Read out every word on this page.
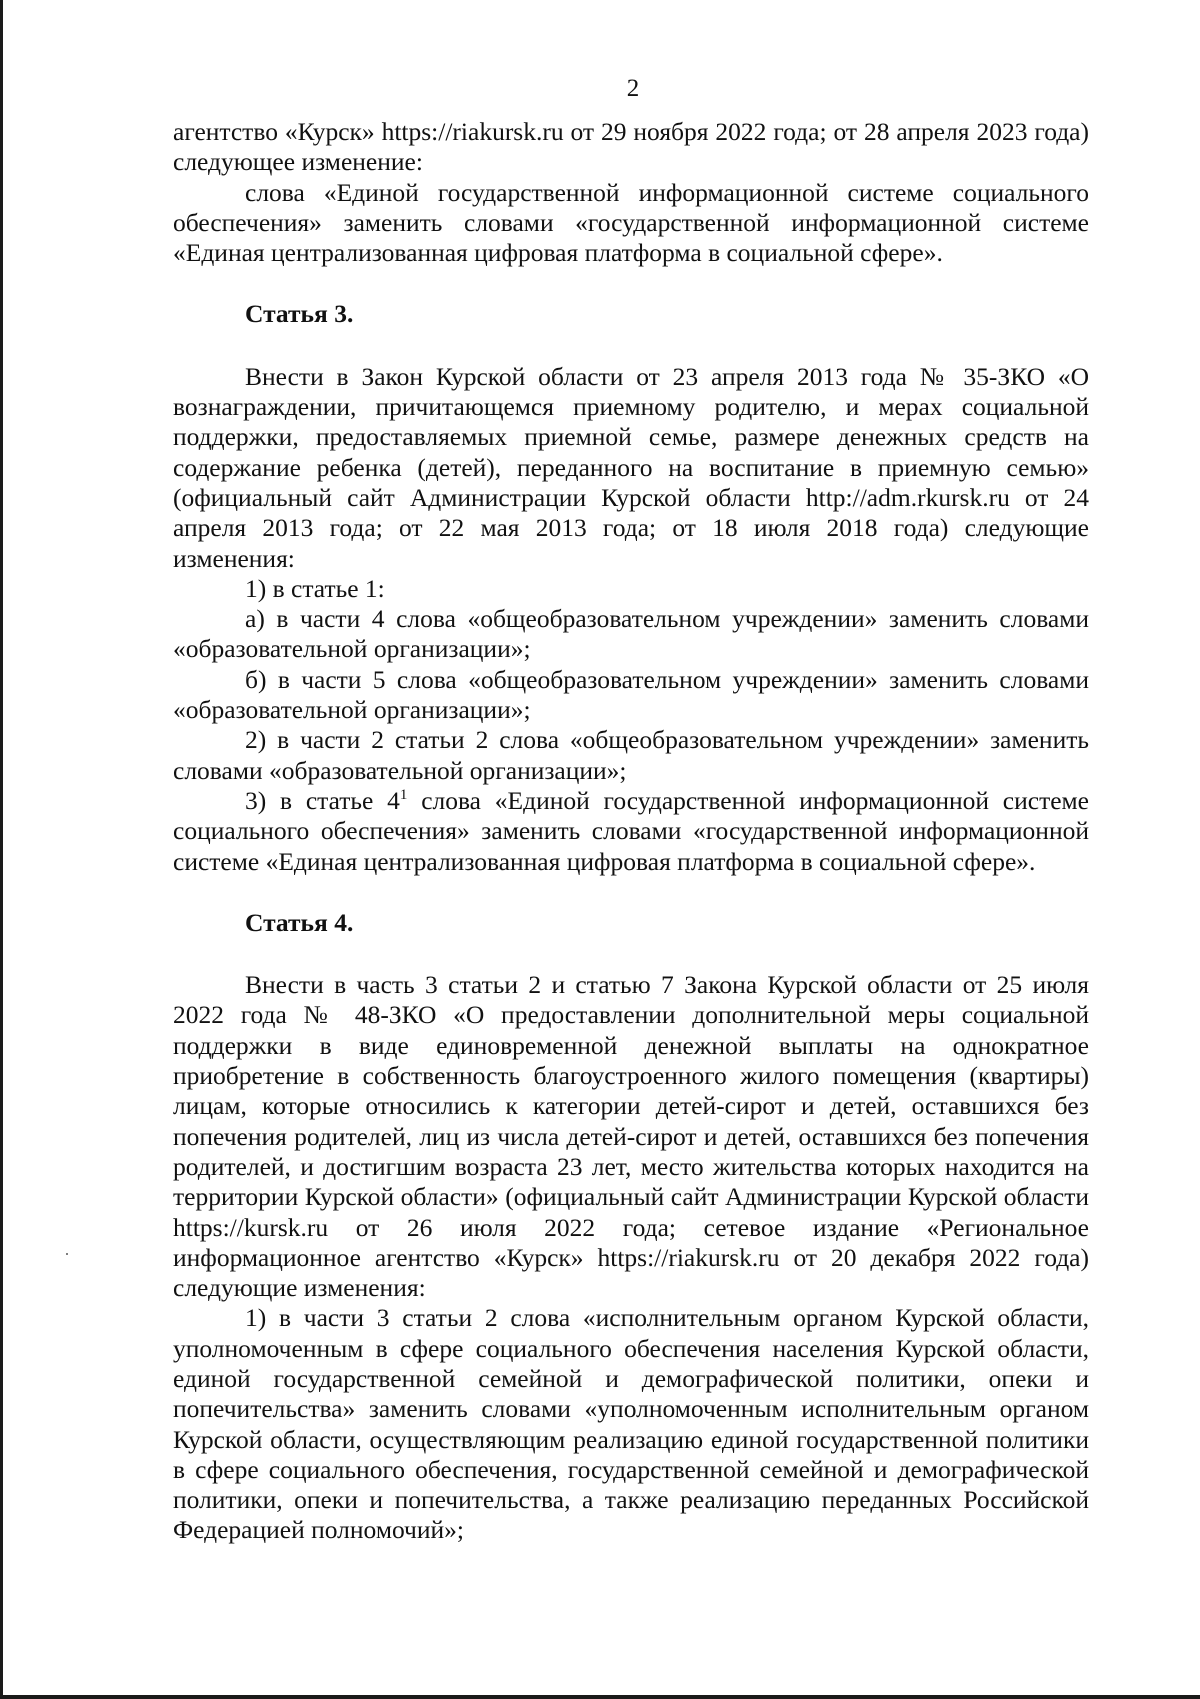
2

агентство «Курск» https://riakursk.ru от 29 ноября 2022 года; от 28 апреля 2023 года) следующее изменение:

слова «Единой государственной информационной системе социального обеспечения» заменить словами «государственной информационной системе «Единая централизованная цифровая платформа в социальной сфере».

Статья 3.

Внести в Закон Курской области от 23 апреля 2013 года № 35-ЗКО «О вознаграждении, причитающемся приемному родителю, и мерах социальной поддержки, предоставляемых приемной семье, размере денежных средств на содержание ребенка (детей), переданного на воспитание в приемную семью» (официальный сайт Администрации Курской области http://adm.rkursk.ru от 24 апреля 2013 года; от 22 мая 2013 года; от 18 июля 2018 года) следующие изменения:

1) в статье 1:

а) в части 4 слова «общеобразовательном учреждении» заменить словами «образовательной организации»;

б) в части 5 слова «общеобразовательном учреждении» заменить словами «образовательной организации»;

2) в части 2 статьи 2 слова «общеобразовательном учреждении» заменить словами «образовательной организации»;

3) в статье $4^1$ слова «Единой государственной информационной системе социального обеспечения» заменить словами «государственной информационной системе «Единая централизованная цифровая платформа в социальной сфере».

Статья 4.

Внести в часть 3 статьи 2 и статью 7 Закона Курской области от 25 июля 2022 года № 48-ЗКО «О предоставлении дополнительной меры социальной поддержки в виде единовременной денежной выплаты на однократное приобретение в собственность благоустроенного жилого помещения (квартиры) лицам, которые относились к категории детей-сирот и детей, оставшихся без попечения родителей, лиц из числа детей-сирот и детей, оставшихся без попечения родителей, и достигшим возраста 23 лет, место жительства которых находится на территории Курской области» (официальный сайт Администрации Курской области https://kursk.ru от 26 июля 2022 года; сетевое издание «Региональное информационное агентство «Курск» https://riakursk.ru от 20 декабря 2022 года) следующие изменения:

1) в части 3 статьи 2 слова «исполнительным органом Курской области, уполномоченным в сфере социального обеспечения населения Курской области, единой государственной семейной и демографической политики, опеки и попечительства» заменить словами «уполномоченным исполнительным органом Курской области, осуществляющим реализацию единой государственной политики в сфере социального обеспечения, государственной семейной и демографической политики, опеки и попечительства, а также реализацию переданных Российской Федерацией полномочий»;
